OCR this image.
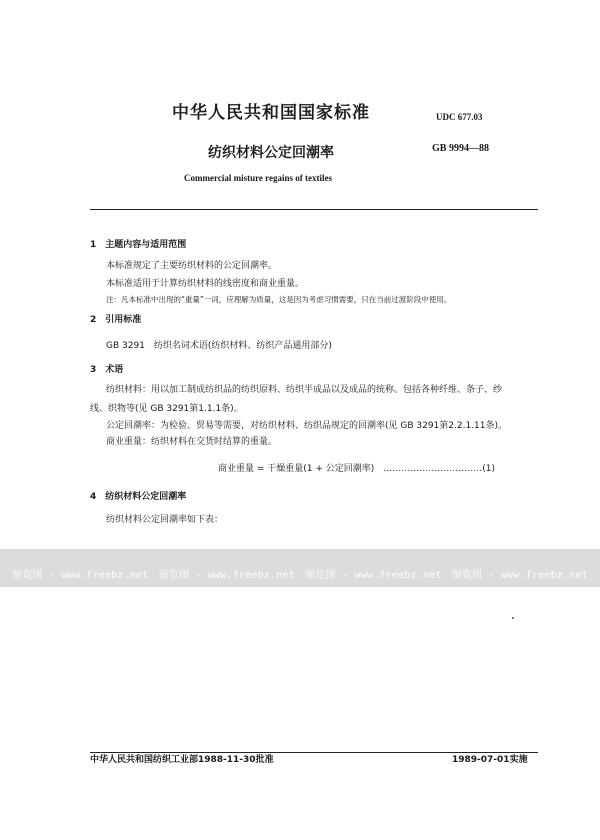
中华人民共和国国家标准	UDC 677.03
纺织材料公定回潮率	GB 9994—88
Commercial misture regains of textiles
1　主题内容与适用范围
本标准规定了主要纺织材料的公定回潮率。
本标准适用于计算纺织材料的线密度和商业重量。
注：凡本标准中出现的“重量”一词，应理解为质量，这是因为考虑习惯需要，只在当前过渡阶段中使用。
2　引用标准
GB 3291　纺织名词术语(纺织材料、纺织产品通用部分)
3　术语
纺织材料：用以加工制成纺织品的纺织原料、纺织半成品以及成品的统称。包括各种纤维、条子、纱
线、织物等(见 GB 3291第1.1.1条)。
公定回潮率：为检验、贸易等需要，对纺织材料、纺织品规定的回潮率(见 GB 3291第2.2.1.11条)。
商业重量：纺织材料在交货时结算的重量。
商业重量 = 干燥重量(1 + 公定回潮率)　……………………………(1)
4　纺织材料公定回潮率
纺织材料公定回潮率如下表：
预览图 - www.freebz.net　预览图 - www.freebz.net　预览图 - www.freebz.net　预览图 - www.freebz.net
中华人民共和国纺织工业部1988-11-30批准	1989-07-01实施
